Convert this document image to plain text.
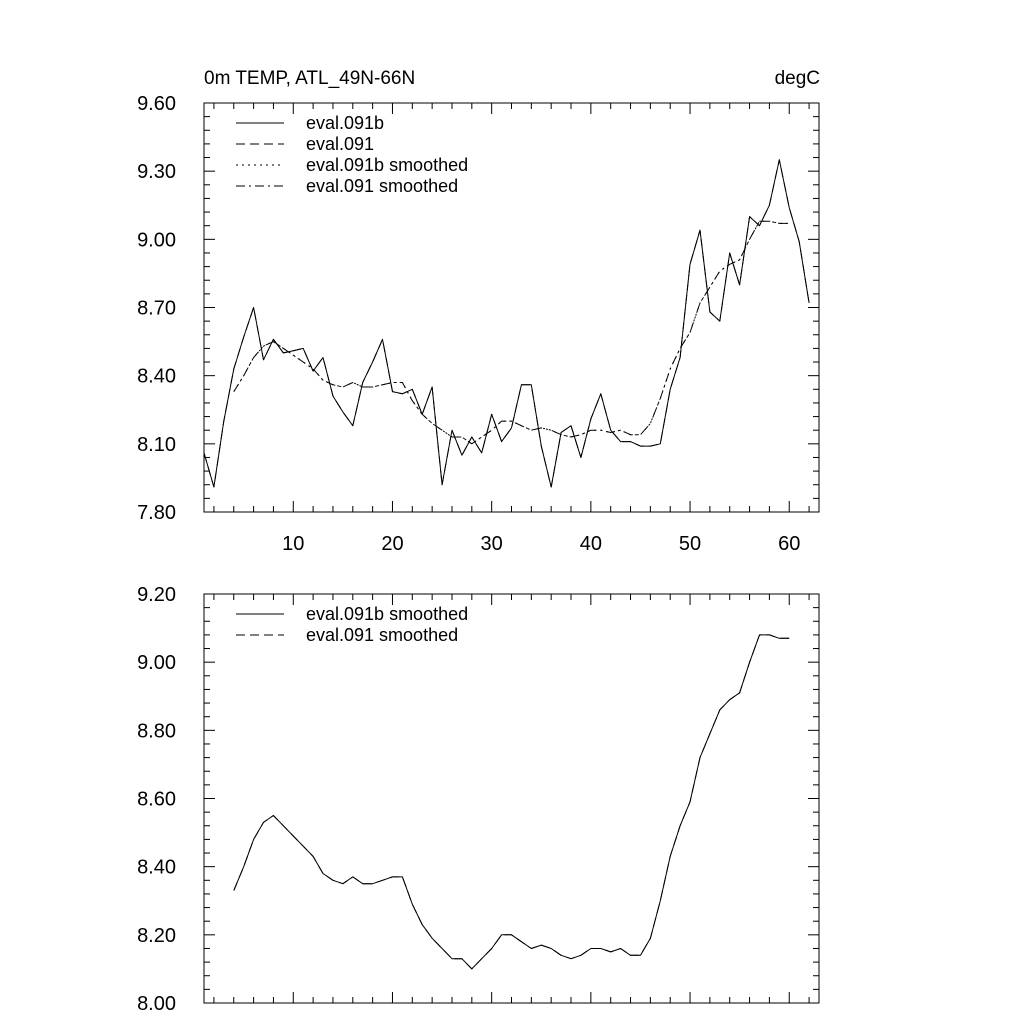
0m TEMP, ATL_49N-66N	degC
10	20	30	40	50	60
7.80
8.10
8.40
8.70
9.00
9.30
9.60
eval.091b
eval.091
eval.091b smoothed
eval.091 smoothed
8.00
8.20
8.40
8.60
8.80
9.00
9.20
eval.091b smoothed
eval.091 smoothed
